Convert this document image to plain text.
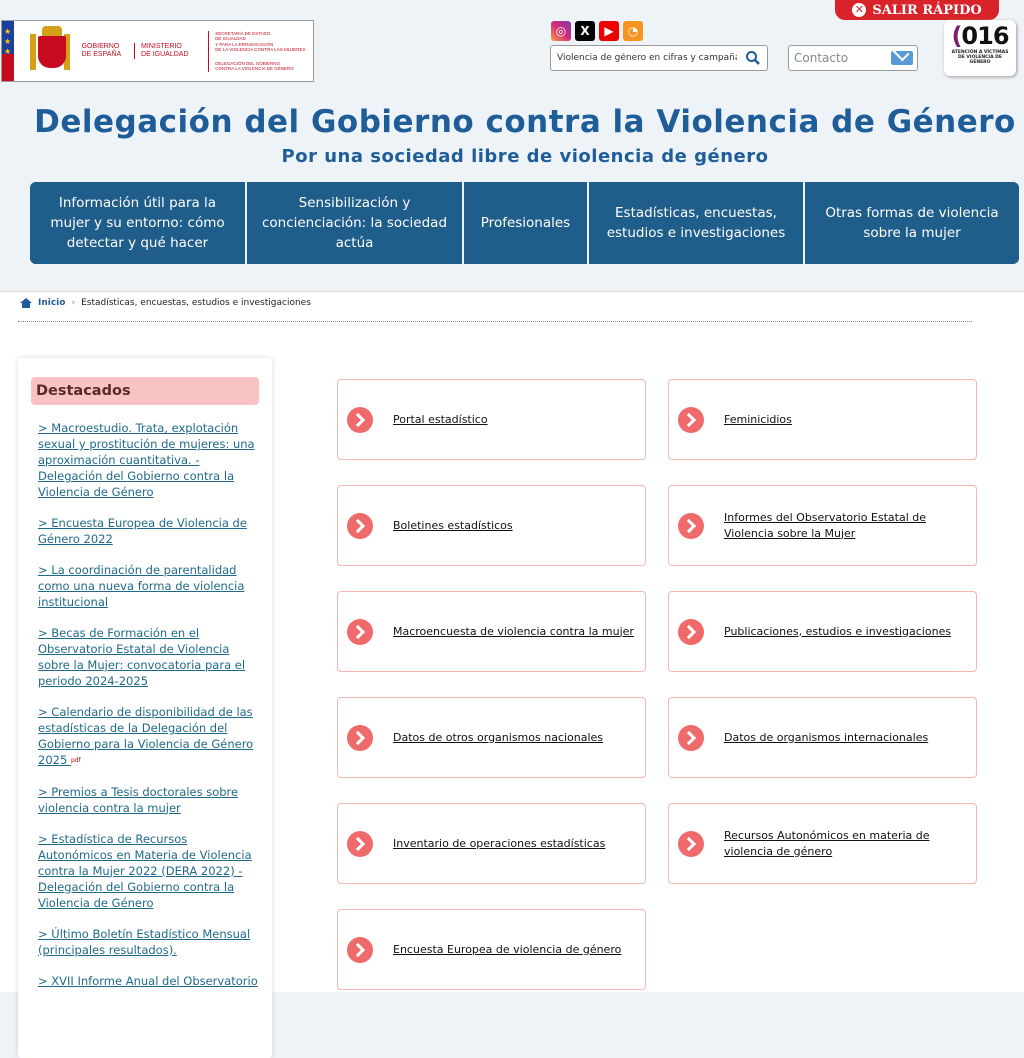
★
★
★
GOBIERNO
DE ESPAÑA
MINISTERIO
DE IGUALDAD
SECRETARÍA DE ESTADO
DE IGUALDAD
Y PARA LA ERRADICACIÓN
DE LA VIOLENCIA CONTRA LAS MUJERES
DELEGACIÓN DEL GOBIERNO
CONTRA LA VIOLENCIA DE GÉNERO
✕ SALIR RÁPIDO
◎	X	▶	◔
Violencia de género en cifras y campaña
Contacto
(016
ATENCIÓN A VÍCTIMAS DE VIOLENCIA DE GÉNERO
Delegación del Gobierno contra la Violencia de Género
Por una sociedad libre de violencia de género
Información útil para la mujer y su entorno: cómo detectar y qué hacer
Sensibilización y concienciación: la sociedad actúa
Profesionales
Estadísticas, encuestas, estudios e investigaciones
Otras formas de violencia sobre la mujer
Inicio › Estadísticas, encuestas, estudios e investigaciones
Destacados
> Macroestudio. Trata, explotación sexual y prostitución de mujeres: una aproximación cuantitativa. - Delegación del Gobierno contra la Violencia de Género
> Encuesta Europea de Violencia de Género 2022
> La coordinación de parentalidad como una nueva forma de violencia institucional
> Becas de Formación en el Observatorio Estatal de Violencia sobre la Mujer: convocatoria para el periodo 2024-2025
> Calendario de disponibilidad de las estadísticas de la Delegación del Gobierno para la Violencia de Género 2025 pdf
> Premios a Tesis doctorales sobre violencia contra la mujer
> Estadística de Recursos Autonómicos en Materia de Violencia contra la Mujer 2022 (DERA 2022) - Delegación del Gobierno contra la Violencia de Género
> Último Boletín Estadístico Mensual (principales resultados).
> XVII Informe Anual del Observatorio
Portal estadístico	Feminicidios
Boletines estadísticos
Informes del Observatorio Estatal de Violencia sobre la Mujer
Macroencuesta de violencia contra la mujer	Publicaciones, estudios e investigaciones
Datos de otros organismos nacionales	Datos de organismos internacionales
Inventario de operaciones estadísticas
Recursos Autonómicos en materia de violencia de género
Encuesta Europea de violencia de género
